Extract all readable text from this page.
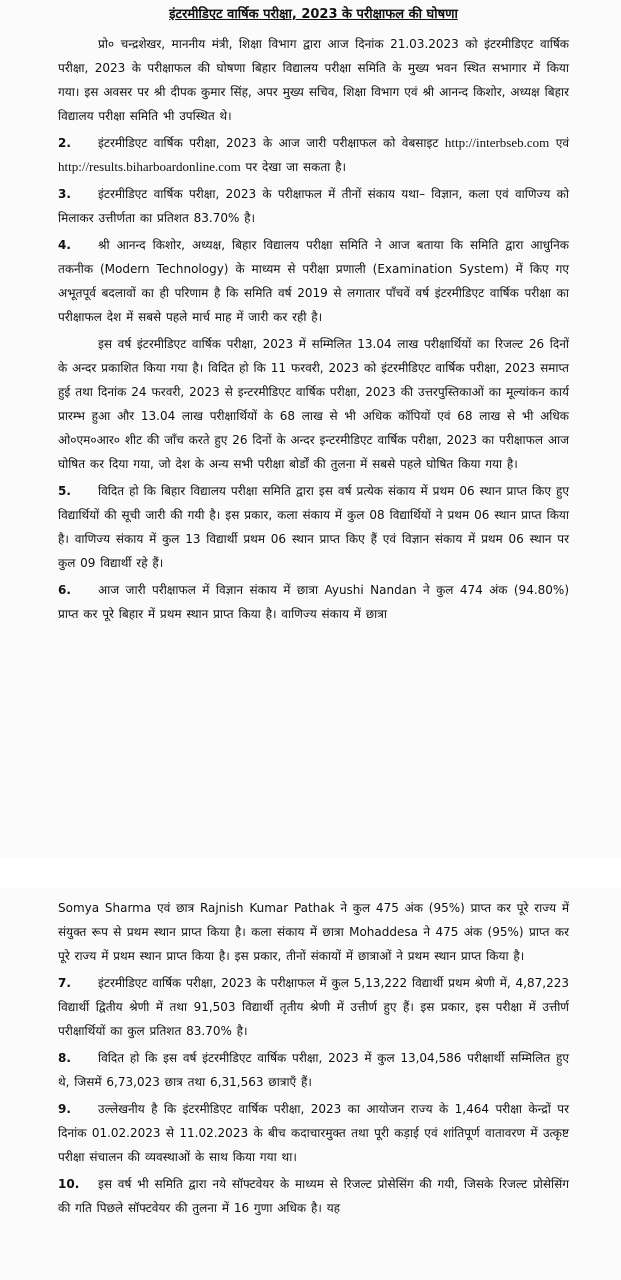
इंटरमीडिएट वार्षिक परीक्षा, 2023 के परीक्षाफल की घोषणा

प्रो० चन्द्रशेखर, माननीय मंत्री, शिक्षा विभाग द्वारा आज दिनांक 21.03.2023 को इंटरमीडिएट वार्षिक परीक्षा, 2023 के परीक्षाफल की घोषणा बिहार विद्यालय परीक्षा समिति के मुख्य भवन स्थित सभागार में किया गया। इस अवसर पर श्री दीपक कुमार सिंह, अपर मुख्य सचिव, शिक्षा विभाग एवं श्री आनन्द किशोर, अध्यक्ष बिहार विद्यालय परीक्षा समिति भी उपस्थित थे।

2. इंटरमीडिएट वार्षिक परीक्षा, 2023 के आज जारी परीक्षाफल को वेबसाइट http://interbseb.com एवं http://results.biharboardonline.com पर देखा जा सकता है।

3. इंटरमीडिएट वार्षिक परीक्षा, 2023 के परीक्षाफल में तीनों संकाय यथा– विज्ञान, कला एवं वाणिज्य को मिलाकर उत्तीर्णता का प्रतिशत 83.70% है।

4. श्री आनन्द किशोर, अध्यक्ष, बिहार विद्यालय परीक्षा समिति ने आज बताया कि समिति द्वारा आधुनिक तकनीक (Modern Technology) के माध्यम से परीक्षा प्रणाली (Examination System) में किए गए अभूतपूर्व बदलावों का ही परिणाम है कि समिति वर्ष 2019 से लगातार पाँचवें वर्ष इंटरमीडिएट वार्षिक परीक्षा का परीक्षाफल देश में सबसे पहले मार्च माह में जारी कर रही है।

इस वर्ष इंटरमीडिएट वार्षिक परीक्षा, 2023 में सम्मिलित 13.04 लाख परीक्षार्थियों का रिजल्ट 26 दिनों के अन्दर प्रकाशित किया गया है। विदित हो कि 11 फरवरी, 2023 को इंटरमीडिएट वार्षिक परीक्षा, 2023 समाप्त हुई तथा दिनांक 24 फरवरी, 2023 से इन्टरमीडिएट वार्षिक परीक्षा, 2023 की उत्तरपुस्तिकाओं का मूल्यांकन कार्य प्रारम्भ हुआ और 13.04 लाख परीक्षार्थियों के 68 लाख से भी अधिक कॉपियों एवं 68 लाख से भी अधिक ओ०एम०आर० शीट की जाँच करते हुए 26 दिनों के अन्दर इन्टरमीडिएट वार्षिक परीक्षा, 2023 का परीक्षाफल आज घोषित कर दिया गया, जो देश के अन्य सभी परीक्षा बोर्डों की तुलना में सबसे पहले घोषित किया गया है।

5. विदित हो कि बिहार विद्यालय परीक्षा समिति द्वारा इस वर्ष प्रत्येक संकाय में प्रथम 06 स्थान प्राप्त किए हुए विद्यार्थियों की सूची जारी की गयी है। इस प्रकार, कला संकाय में कुल 08 विद्यार्थियों ने प्रथम 06 स्थान प्राप्त किया है। वाणिज्य संकाय में कुल 13 विद्यार्थी प्रथम 06 स्थान प्राप्त किए हैं एवं विज्ञान संकाय में प्रथम 06 स्थान पर कुल 09 विद्यार्थी रहे हैं।

6. आज जारी परीक्षाफल में विज्ञान संकाय में छात्रा Ayushi Nandan ने कुल 474 अंक (94.80%) प्राप्त कर पूरे बिहार में प्रथम स्थान प्राप्त किया है। वाणिज्य संकाय में छात्रा

Somya Sharma एवं छात्र Rajnish Kumar Pathak ने कुल 475 अंक (95%) प्राप्त कर पूरे राज्य में संयुक्त रूप से प्रथम स्थान प्राप्त किया है। कला संकाय में छात्रा Mohaddesa ने 475 अंक (95%) प्राप्त कर पूरे राज्य में प्रथम स्थान प्राप्त किया है। इस प्रकार, तीनों संकायों में छात्राओं ने प्रथम स्थान प्राप्त किया है।

7. इंटरमीडिएट वार्षिक परीक्षा, 2023 के परीक्षाफल में कुल 5,13,222 विद्यार्थी प्रथम श्रेणी में, 4,87,223 विद्यार्थी द्वितीय श्रेणी में तथा 91,503 विद्यार्थी तृतीय श्रेणी में उत्तीर्ण हुए हैं। इस प्रकार, इस परीक्षा में उत्तीर्ण परीक्षार्थियों का कुल प्रतिशत 83.70% है।

8. विदित हो कि इस वर्ष इंटरमीडिएट वार्षिक परीक्षा, 2023 में कुल 13,04,586 परीक्षार्थी सम्मिलित हुए थे, जिसमें 6,73,023 छात्र तथा 6,31,563 छात्राएँ हैं।

9. उल्लेखनीय है कि इंटरमीडिएट वार्षिक परीक्षा, 2023 का आयोजन राज्य के 1,464 परीक्षा केन्द्रों पर दिनांक 01.02.2023 से 11.02.2023 के बीच कदाचारमुक्त तथा पूरी कड़ाई एवं शांतिपूर्ण वातावरण में उत्कृष्ट परीक्षा संचालन की व्यवस्थाओं के साथ किया गया था।

10. इस वर्ष भी समिति द्वारा नये सॉफ्टवेयर के माध्यम से रिजल्ट प्रोसेसिंग की गयी, जिसके रिजल्ट प्रोसेसिंग की गति पिछले सॉफ्टवेयर की तुलना में 16 गुणा अधिक है। यह
